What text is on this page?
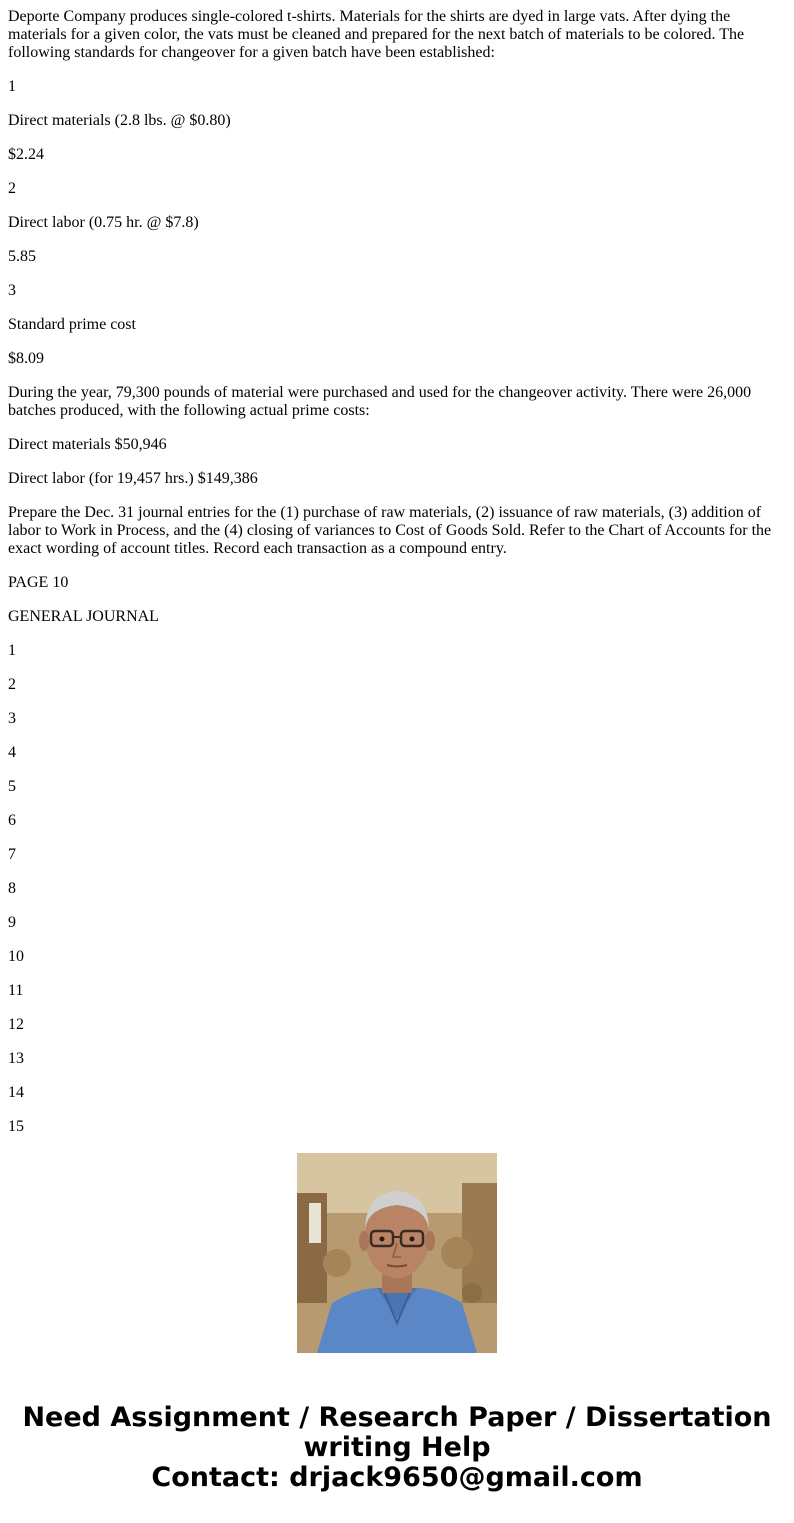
Deporte Company produces single-colored t-shirts. Materials for the shirts are dyed in large vats. After dying the materials for a given color, the vats must be cleaned and prepared for the next batch of materials to be colored. The following standards for changeover for a given batch have been established:

1

Direct materials (2.8 lbs. @ $0.80)

$2.24

2

Direct labor (0.75 hr. @ $7.8)

5.85

3

Standard prime cost

$8.09

During the year, 79,300 pounds of material were purchased and used for the changeover activity. There were 26,000 batches produced, with the following actual prime costs:

Direct materials $50,946

Direct labor (for 19,457 hrs.) $149,386

Prepare the Dec. 31 journal entries for the (1) purchase of raw materials, (2) issuance of raw materials, (3) addition of labor to Work in Process, and the (4) closing of variances to Cost of Goods Sold. Refer to the Chart of Accounts for the exact wording of account titles. Record each transaction as a compound entry.

PAGE 10

GENERAL JOURNAL

1

2

3

4

5

6

7

8

9

10

11

12

13

14

15

Need Assignment / Research Paper / Dissertation
writing Help
Contact: drjack9650@gmail.com
